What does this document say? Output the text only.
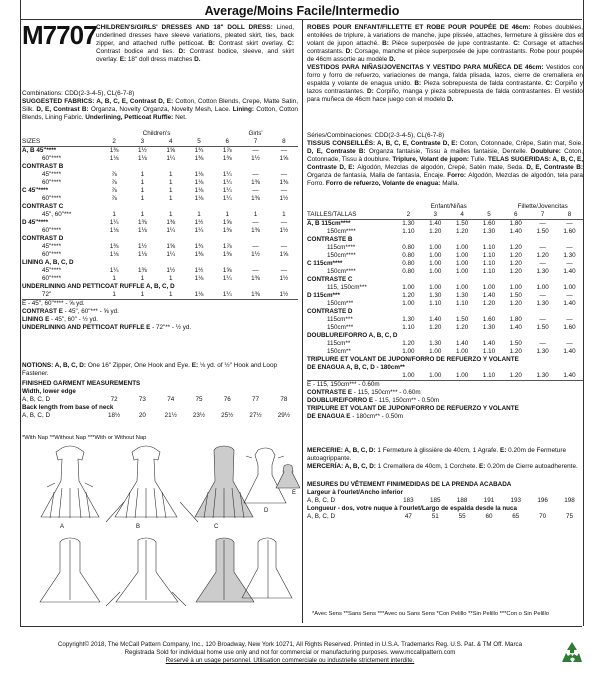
Average/Moins Facile/Intermedio
M7707 CHILDREN'S/GIRLS' DRESSES AND 18" DOLL DRESS: Lined, underlined dresses have sleeve variations, pleated skirt, ties, back zipper, and attached ruffle petticoat. B: Contrast skirt overlay. C: Contrast bodice and ties. D: Contrast bodice, sleeve, and skirt overlay. E: 18" doll dress matches D.
ROBES POUR ENFANT/FILLETTE ET ROBE POUR POUPÉE DE 46cm: Robes doublées, entoilées de triplure, à variations de manche, jupe plissée, attaches, fermeture à glissière dos et volant de jupon attaché. B: Pièce superposée de jupe contrastante. C: Corsage et attaches contrastants. D: Corsage, manche et pièce superposée de jupe contrastants. Robe pour poupée de 46cm assortie au modèle D.
VESTIDOS PARA NIÑAS/JOVENCITAS Y VESTIDO PARA MUÑECA DE 46cm: Vestidos con forro y forro de refuerzo, variaciones de manga, falda plisada, lazos, cierre de cremallera en espalda y volante de enagua unido. B: Pieza sobrepuesta de falda contrastante. C: Corpiño y lazos contrastantes. D: Corpiño, manga y pieza sobrepuesta de falda contrastantes. El vestido para muñeca de 46cm hace juego con el modelo D.
Combinations: CDD(2-3-4-5), CL(6-7-8)
SUGGESTED FABRICS: A, B, C, E, Contrast D, E: Cotton, Cotton Blends, Crepe, Matte Satin, Silk. D, E, Contrast B: Organza, Novelty Organza, Novelty Mesh, Lace. Lining: Cotton, Cotton Blends, Lining Fabric. Underlining, Petticoat Ruffle: Net.
Séries/Combinaciones: CDD(2-3-4-5), CL(6-7-8)
TISSUS CONSEILLÉS: A, B, C, E, Contraste D, E: Coton, Cotonnade, Crêpe, Satin mat, Soie. D, E, Contraste B: Organza fantaisie, Tissu à mailles fantaisie, Dentelle. Doublure: Coton, Cotonnade, Tissu à doublure. Triplure, Volant de jupon: Tulle. TELAS SUGERIDAS: A, B, C, E, Contraste D, E: Algodón, Mezclas de algodón, Crepé, Satén mate, Seda. D, E, Contraste B: Organza de fantasía, Malla de fantasía, Encaje. Forro: Algodón, Mezclas de algodón, tela para Forro. Forro de refuerzo, Volante de enagua: Malla.
	Children's				Girls'		
SIZES	2	3	4	5	6	7	8
A, B 45"****	1⅜	1½	1⅝	1¾	1⅞	—	—
60"****	1⅛	1⅛	1¼	1⅜	1⅜	1½	1⅝
CONTRAST B							
45"****	⅞	1	1	1⅛	1¼	—	—
60"****	⅞	1	1	1⅛	1¼	1⅜	1⅜
C 45"****	⅞	1	1	1⅛	1¼	—	—
60"****	⅞	1	1	1⅛	1¼	1⅜	1½
CONTRAST C							
45", 60"***	1	1	1	1	1	1	1
D 45"****	1¼	1⅜	1⅜	1½	1⅝	—	—
60"****	1⅛	1⅛	1¼	1¼	1⅜	1⅜	1½
CONTRAST D							
45"****	1⅜	1½	1⅝	1¾	1⅞	—	—
60"****	1⅛	1⅛	1¼	1⅜	1⅜	1½	1⅝
LINING A, B, C, D							
45"****	1¼	1⅜	1½	1½	1⅝	—	—
60"****	1	1	1	1⅛	1¼	1⅜	1½
UNDERLINING AND PETTICOAT RUFFLE A, B, C, D							
72"	1	1	1	1⅛	1¼	1⅜	1½
E - 45", 60"**** - ⅝ yd.							
CONTRAST E - 45", 60"*** - ⅝ yd.							
LINING E - 45", 60" - ½ yd.							
UNDERLINING AND PETTICOAT RUFFLE E - 72"** - ½ yd.							
	Enfant/Niñas				Fillette/Jovencitas		
TAILLES/TALLAS	2	3	4	5	6	7	8
A, B 115cm****	1.30	1.40	1.50	1.60	1.80	—	—
150cm****	1.10	1.20	1.20	1.30	1.40	1.50	1.60
CONTRASTE B							
115cm****	0.80	1.00	1.00	1.10	1.20	—	—
150cm****	0.80	1.00	1.00	1.10	1.20	1.20	1.30
C 115cm****	0.80	1.00	1.00	1.10	1.20	—	—
150cm****	0.80	1.00	1.00	1.10	1.20	1.30	1.40
CONTRASTE C							
115, 150cm***	1.00	1.00	1.00	1.00	1.00	1.00	1.00
D 115cm***	1.20	1.30	1.30	1.40	1.50	—	—
150cm***	1.00	1.10	1.10	1.20	1.20	1.30	1.40
CONTRASTE D							
115cm***	1.30	1.40	1.50	1.60	1.80	—	—
150cm***	1.10	1.20	1.20	1.30	1.40	1.50	1.60
DOUBLURE/FORRO A, B, C, D							
115cm**	1.20	1.30	1.40	1.40	1.50	—	—
150cm**	1.00	1.00	1.00	1.10	1.20	1.30	1.40
TRIPLURE ET VOLANT DE JUPON/FORRO DE REFUERZO Y VOLANTE							
DE ENAGUA A, B, C, D - 180cm**							
	1.00	1.00	1.00	1.10	1.20	1.30	1.40
E - 115, 150cm*** - 0.60m							
CONTRASTE E - 115, 150cm*** - 0.60m							
DOUBLURE/FORRO E - 115, 150cm** - 0.50m							
TRIPLURE ET VOLANT DE JUPON/FORRO DE REFUERZO Y VOLANTE							
DE ENAGUA E - 180cm** - 0.50m							
NOTIONS: A, B, C, D: One 16" Zipper, One Hook and Eye. E: ⅛ yd. of ½" Hook and Loop Fastener.
MERCERIE: A, B, C, D: 1 Fermeture à glissière de 40cm, 1 Agrafe. E: 0.20m de Fermeture autoagrippante.
MERCERÍA: A, B, C, D: 1 Cremallera de 40cm, 1 Corchete. E: 0.20m de Cierre autoadherente.
FINISHED GARMENT MEASUREMENTS							
Width, lower edge							
A, B, C, D	72	73	74	75	76	77	78
Back length from base of neck							
A, B, C, D	18½	20	21½	23½	25½	27½	29½
MESURES DU VÊTEMENT FINI/MEDIDAS DE LA PRENDA ACABADA							
Largeur à l'ourlet/Ancho inferior							
A, B, C, D	183	185	188	191	193	196	198
Longueur - dos, votre nuque à l'ourlet/Largo de espalda desde la nuca							
A, B, C, D	47	51	55	60	65	70	75
*With Nap **Without Nap ***With or Without Nap
*Avec Sens **Sans Sens ***Avec ou Sans Sens *Con Pelillo **Sin Pelillo ***Con o Sin Pelillo
A	B	C
D
E
Copyright© 2018, The McCall Pattern Company, Inc., 120 Broadway, New York 10271, All Rights Reserved. Printed in U.S.A. Trademarks Reg. U.S. Pat. & TM Off. Marca
Registrada Sold for individual home use only and not for commercial or manufacturing purposes. www.mccallpattern.com
Reservé à un usage personnel. Utilisation commerciale ou industrielle strictement interdite.
